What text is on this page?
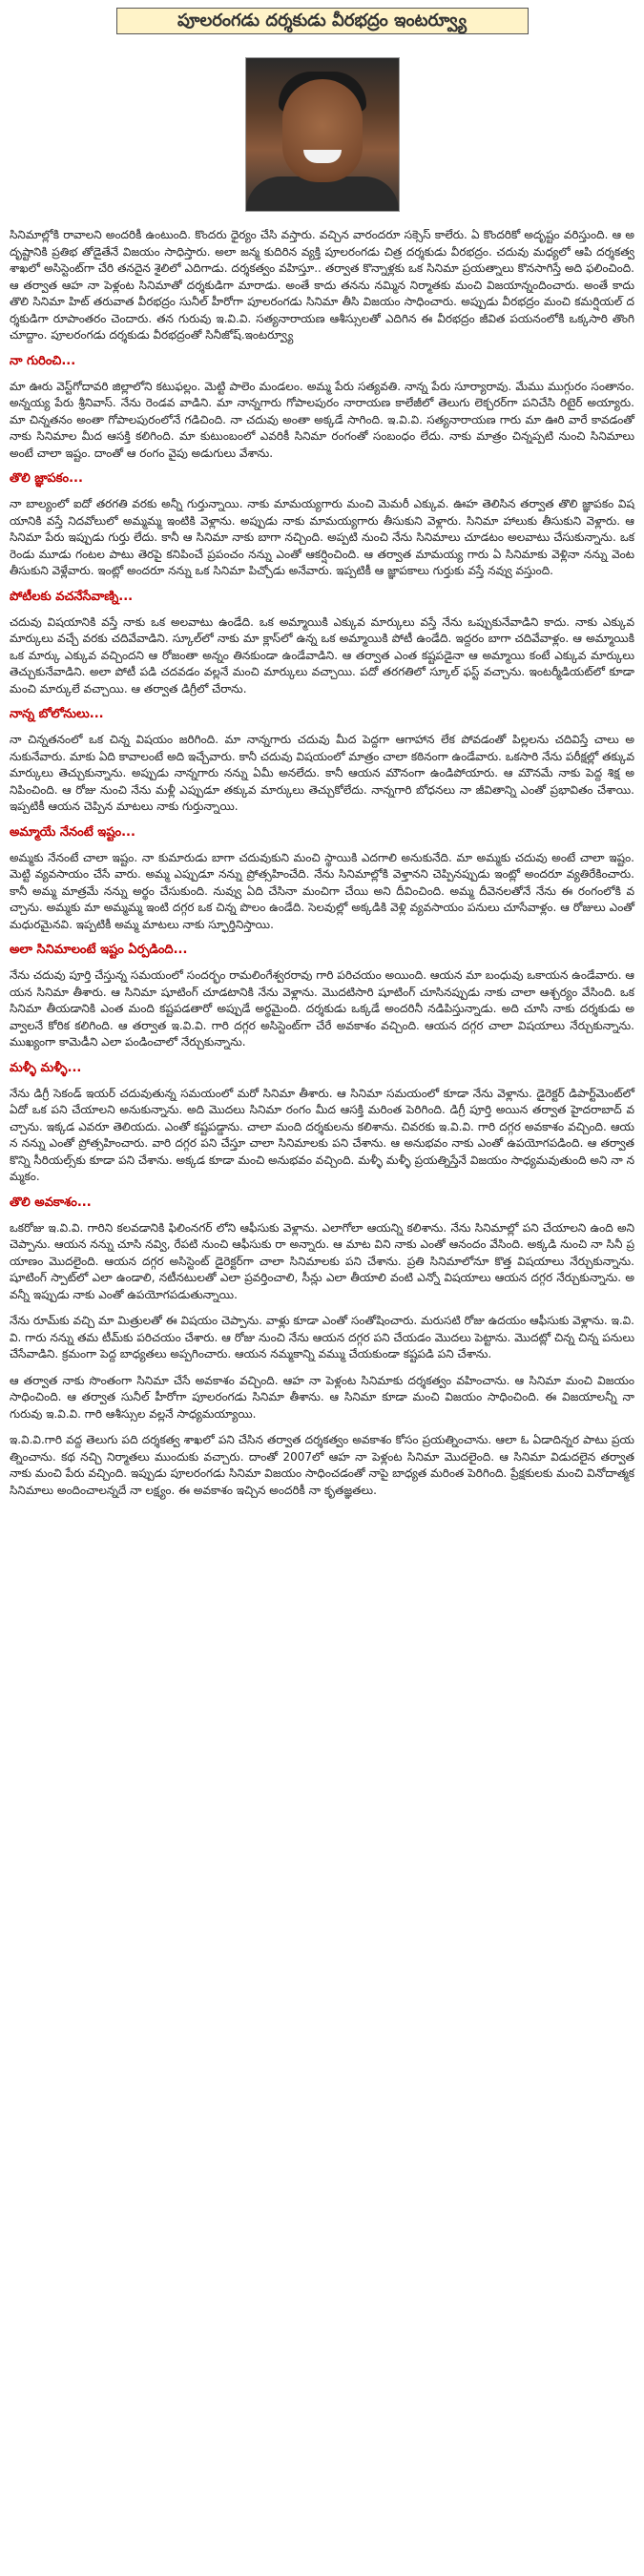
పూలరంగడు దర్శకుడు వీరభద్రం ఇంటర్వ్యూ

సినిమాల్లోకి రావాలని అందరికీ ఉంటుంది. కొందరు ధైర్యం చేసి వస్తారు. వచ్చిన వారందరూ సక్సెస్ కాలేరు. ఏ కొందరికో అదృష్టం వరిస్తుంది. ఆ అదృష్టానికి ప్రతిభ తోడైతేనే విజయం సాధిస్తారు. అలా జన్మ కుదిరిన వ్యక్తి పూలరంగడు చిత్ర దర్శకుడు వీరభద్రం. చదువు మధ్యలో ఆపి దర్శకత్వ శాఖలో అసిస్టెంట్‌గా చేరి తనదైన శైలిలో ఎదిగాడు. దర్శకత్వం వహిస్తూ.. తర్వాత కొన్నాళ్లకు ఒక సినిమా ప్రయత్నాలు కొనసాగిస్తే అది ఫలించింది. ఆ తర్వాత ఆహ నా పెళ్లంట సినిమాతో దర్శకుడిగా మారాడు. అంతే కాదు తనను నమ్మిన నిర్మాతకు మంచి విజయాన్నందించారు. అంతే కాదు తొలి సినిమా హిట్ తరువాత వీరభద్రం సునీల్ హీరోగా పూలరంగడు సినిమా తీసి విజయం సాధించారు. అప్పుడు వీరభద్రం మంచి కమర్షియల్ దర్శకుడిగా రూపాంతరం చెందారు. తన గురువు ఇ.వి.వి. సత్యనారాయణ ఆశీస్సులతో ఎదిగిన ఈ వీరభద్రం జీవిత పయనంలోకి ఒక్కసారి తొంగి చూద్దాం. పూలరంగడు దర్శకుడు వీరభద్రంతో సినీజోష్.ఇంటర్వ్యూ

నా గురించి...

మా ఊరు వెస్ట్‌గోదావరి జిల్లాలోని కటుఫల్లం. మెట్టి పాలెం మండలం. అమ్మ పేరు సత్యవతి. నాన్న పేరు సూర్యారావు. మేము ముగ్గురం సంతానం. అన్నయ్య పేరు శ్రీనివాస్. నేను రెండవ వాడిని. మా నాన్నగారు గోపాలపురం నారాయణ కాలేజీలో తెలుగు లెక్చరర్‌గా పనిచేసి రిటైర్ అయ్యారు. మా చిన్నతనం అంతా గోపాలపురంలోనే గడిచింది. నా చదువు అంతా అక్కడే సాగింది. ఇ.వి.వి. సత్యనారాయణ గారు మా ఊరి వారే కావడంతో నాకు సినిమాల మీద ఆసక్తి కలిగింది. మా కుటుంబంలో ఎవరికీ సినిమా రంగంతో సంబంధం లేదు. నాకు మాత్రం చిన్నప్పటి నుంచి సినిమాలు అంటే చాలా ఇష్టం. దాంతో ఆ రంగం వైపు అడుగులు వేశాను.

తొలి జ్ఞాపకం...

నా బాల్యంలో ఐదో తరగతి వరకు అన్నీ గుర్తున్నాయి. నాకు మామయ్యగారు మంచి మెమరీ ఎక్కువ. ఊహ తెలిసిన తర్వాత తొలి జ్ఞాపకం విషయానికి వస్తే నిదవోలులో అమ్మమ్మ ఇంటికి వెళ్లాను. అప్పుడు నాకు మామయ్యగారు తీసుకుని వెళ్లారు. సినిమా హాలుకు తీసుకుని వెళ్లారు. ఆ సినిమా పేరు ఇప్పుడు గుర్తు లేదు. కానీ ఆ సినిమా నాకు బాగా నచ్చింది. అప్పటి నుంచి నేను సినిమాలు చూడటం అలవాటు చేసుకున్నాను. ఒక రెండు మూడు గంటల పాటు తెరపై కనిపించే ప్రపంచం నన్ను ఎంతో ఆకర్షించింది. ఆ తర్వాత మామయ్య గారు ఏ సినిమాకు వెళ్లినా నన్ను వెంట తీసుకుని వెళ్లేవారు. ఇంట్లో అందరూ నన్ను ఒక సినిమా పిచ్చోడు అనేవారు. ఇప్పటికీ ఆ జ్ఞాపకాలు గుర్తుకు వస్తే నవ్వు వస్తుంది.

పోటీలకు వచనేసేవాణ్ని...

చదువు విషయానికి వస్తే నాకు ఒక అలవాటు ఉండేది. ఒక అమ్మాయికి ఎక్కువ మార్కులు వస్తే నేను ఒప్పుకునేవాడిని కాదు. నాకు ఎక్కువ మార్కులు వచ్చే వరకు చదివేవాడిని. స్కూల్‌లో నాకు మా క్లాస్‌లో ఉన్న ఒక అమ్మాయికి పోటీ ఉండేది. ఇద్దరం బాగా చదివేవాళ్లం. ఆ అమ్మాయికి ఒక మార్కు ఎక్కువ వచ్చిందని ఆ రోజంతా అన్నం తినకుండా ఉండేవాడిని. ఆ తర్వాత ఎంత కష్టపడైనా ఆ అమ్మాయి కంటే ఎక్కువ మార్కులు తెచ్చుకునేవాడిని. అలా పోటీ పడి చదవడం వల్లనే మంచి మార్కులు వచ్చాయి. పదో తరగతిలో స్కూల్ ఫస్ట్ వచ్చాను. ఇంటర్మీడియట్‌లో కూడా మంచి మార్కులే వచ్చాయి. ఆ తర్వాత డిగ్రీలో చేరాను.

నాన్న బోలోనులు...

నా చిన్నతనంలో ఒక చిన్న విషయం జరిగింది. మా నాన్నగారు చదువు మీద పెద్దగా ఆగాహాన లేక పోవడంతో పిల్లలను చదివిస్తే చాలు అనుకునేవారు. మాకు ఏది కావాలంటే అది ఇచ్చేవారు. కానీ చదువు విషయంలో మాత్రం చాలా కఠినంగా ఉండేవారు. ఒకసారి నేను పరీక్షల్లో తక్కువ మార్కులు తెచ్చుకున్నాను. అప్పుడు నాన్నగారు నన్ను ఏమీ అనలేదు. కానీ ఆయన మౌనంగా ఉండిపోయారు. ఆ మౌనమే నాకు పెద్ద శిక్ష అనిపించింది. ఆ రోజు నుంచి నేను మళ్లీ ఎప్పుడూ తక్కువ మార్కులు తెచ్చుకోలేదు. నాన్నగారి బోధనలు నా జీవితాన్ని ఎంతో ప్రభావితం చేశాయి. ఇప్పటికీ ఆయన చెప్పిన మాటలు నాకు గుర్తున్నాయి.

అమ్మాయే నేనంటే ఇష్టం...

అమ్మకు నేనంటే చాలా ఇష్టం. నా కుమారుడు బాగా చదువుకుని మంచి స్థాయికి ఎదగాలి అనుకునేది. మా అమ్మకు చదువు అంటే చాలా ఇష్టం. మెట్టి వ్యవసాయం చేసే వారు. అమ్మ ఎప్పుడూ నన్ను ప్రోత్సహించేది. నేను సినిమాల్లోకి వెళ్తానని చెప్పినప్పుడు ఇంట్లో అందరూ వ్యతిరేకించారు. కానీ అమ్మ మాత్రమే నన్ను అర్థం చేసుకుంది. నువ్వు ఏది చేసినా మంచిగా చేయి అని దీవించింది. అమ్మ దీవెనలతోనే నేను ఈ రంగంలోకి వచ్చాను. అమ్మకు మా అమ్మమ్మ ఇంటి దగ్గర ఒక చిన్న పొలం ఉండేది. సెలవుల్లో అక్కడికి వెళ్లి వ్యవసాయం పనులు చూసేవాళ్లం. ఆ రోజులు ఎంతో మధురమైనవి. ఇప్పటికీ అమ్మ మాటలు నాకు స్ఫూర్తినిస్తాయి.

అలా సినిమాలంటే ఇష్టం ఏర్పడింది...

నేను చదువు పూర్తి చేస్తున్న సమయంలో సందర్భం రామలింగేశ్వరరావు గారి పరిచయం అయింది. ఆయన మా బంధువు ఒకాయన ఉండేవారు. ఆయన సినిమా తీశారు. ఆ సినిమా షూటింగ్ చూడటానికి నేను వెళ్లాను. మొదటిసారి షూటింగ్ చూసినప్పుడు నాకు చాలా ఆశ్చర్యం వేసింది. ఒక సినిమా తీయడానికి ఎంత మంది కష్టపడతారో అప్పుడే అర్థమైంది. దర్శకుడు ఒక్కడే అందరినీ నడిపిస్తున్నాడు. అది చూసి నాకు దర్శకుడు అవ్వాలనే కోరిక కలిగింది. ఆ తర్వాత ఇ.వి.వి. గారి దగ్గర అసిస్టెంట్‌గా చేరే అవకాశం వచ్చింది. ఆయన దగ్గర చాలా విషయాలు నేర్చుకున్నాను. ముఖ్యంగా కామెడీని ఎలా పండించాలో నేర్చుకున్నాను.

మళ్ళీ మళ్ళీ...

నేను డిగ్రీ సెకండ్ ఇయర్ చదువుతున్న సమయంలో మరో సినిమా తీశారు. ఆ సినిమా సమయంలో కూడా నేను వెళ్లాను. డైరెక్టర్ డిపార్ట్‌మెంట్‌లో ఏదో ఒక పని చేయాలని అనుకున్నాను. అది మొదలు సినిమా రంగం మీద ఆసక్తి మరింత పెరిగింది. డిగ్రీ పూర్తి అయిన తర్వాత హైదరాబాద్ వచ్చాను. ఇక్కడ ఎవరూ తెలియదు. ఎంతో కష్టపడ్డాను. చాలా మంది దర్శకులను కలిశాను. చివరకు ఇ.వి.వి. గారి దగ్గర అవకాశం వచ్చింది. ఆయన నన్ను ఎంతో ప్రోత్సహించారు. వారి దగ్గర పని చేస్తూ చాలా సినిమాలకు పని చేశాను. ఆ అనుభవం నాకు ఎంతో ఉపయోగపడింది. ఆ తర్వాత కొన్ని సీరియల్స్‌కు కూడా పని చేశాను. అక్కడ కూడా మంచి అనుభవం వచ్చింది. మళ్ళీ మళ్ళీ ప్రయత్నిస్తేనే విజయం సాధ్యమవుతుంది అని నా నమ్మకం.

తొలి అవకాశం...

ఒకరోజు ఇ.వి.వి. గారిని కలవడానికి ఫిలింనగర్ లోని ఆఫీసుకు వెళ్లాను. ఎలాగోలా ఆయన్ని కలిశాను. నేను సినిమాల్లో పని చేయాలని ఉంది అని చెప్పాను. ఆయన నన్ను చూసి నవ్వి, రేపటి నుంచి ఆఫీసుకు రా అన్నారు. ఆ మాట విని నాకు ఎంతో ఆనందం వేసింది. అక్కడి నుంచి నా సినీ ప్రయాణం మొదలైంది. ఆయన దగ్గర అసిస్టెంట్ డైరెక్టర్‌గా చాలా సినిమాలకు పని చేశాను. ప్రతి సినిమాలోనూ కొత్త విషయాలు నేర్చుకున్నాను. షూటింగ్ స్పాట్‌లో ఎలా ఉండాలి, నటీనటులతో ఎలా ప్రవర్తించాలి, సీన్లు ఎలా తీయాలి వంటి ఎన్నో విషయాలు ఆయన దగ్గర నేర్చుకున్నాను. అవన్నీ ఇప్పుడు నాకు ఎంతో ఉపయోగపడుతున్నాయి.

నేను రూమ్‌కు వచ్చి మా మిత్రులతో ఈ విషయం చెప్పాను. వాళ్లు కూడా ఎంతో సంతోషించారు. మరుసటి రోజు ఉదయం ఆఫీసుకు వెళ్లాను. ఇ.వి.వి. గారు నన్ను తమ టీమ్‌కు పరిచయం చేశారు. ఆ రోజు నుంచి నేను ఆయన దగ్గర పని చేయడం మొదలు పెట్టాను. మొదట్లో చిన్న చిన్న పనులు చేసేవాడిని. క్రమంగా పెద్ద బాధ్యతలు అప్పగించారు. ఆయన నమ్మకాన్ని వమ్ము చేయకుండా కష్టపడి పని చేశాను.

ఆ తర్వాత నాకు సొంతంగా సినిమా చేసే అవకాశం వచ్చింది. ఆహ నా పెళ్లంట సినిమాకు దర్శకత్వం వహించాను. ఆ సినిమా మంచి విజయం సాధించింది. ఆ తర్వాత సునీల్ హీరోగా పూలరంగడు సినిమా తీశాను. ఆ సినిమా కూడా మంచి విజయం సాధించింది. ఈ విజయాలన్నీ నా గురువు ఇ.వి.వి. గారి ఆశీస్సుల వల్లనే సాధ్యమయ్యాయి.

ఇ.వి.వి.గారి వద్ద తెలుగు పది దర్శకత్వ శాఖలో పని చేసిన తర్వాత దర్శకత్వం అవకాశం కోసం ప్రయత్నించాను. ఆలా ఓ ఏడాదిన్నర పాటు ప్రయత్నించాను. కథ నచ్చి నిర్మాతలు ముందుకు వచ్చారు. దాంతో 2007లో ఆహ నా పెళ్లంట సినిమా మొదలైంది. ఆ సినిమా విడుదలైన తర్వాత నాకు మంచి పేరు వచ్చింది. ఇప్పుడు పూలరంగడు సినిమా విజయం సాధించడంతో నాపై బాధ్యత మరింత పెరిగింది. ప్రేక్షకులకు మంచి వినోదాత్మక సినిమాలు అందించాలన్నదే నా లక్ష్యం. ఈ అవకాశం ఇచ్చిన అందరికీ నా కృతజ్ఞతలు.
